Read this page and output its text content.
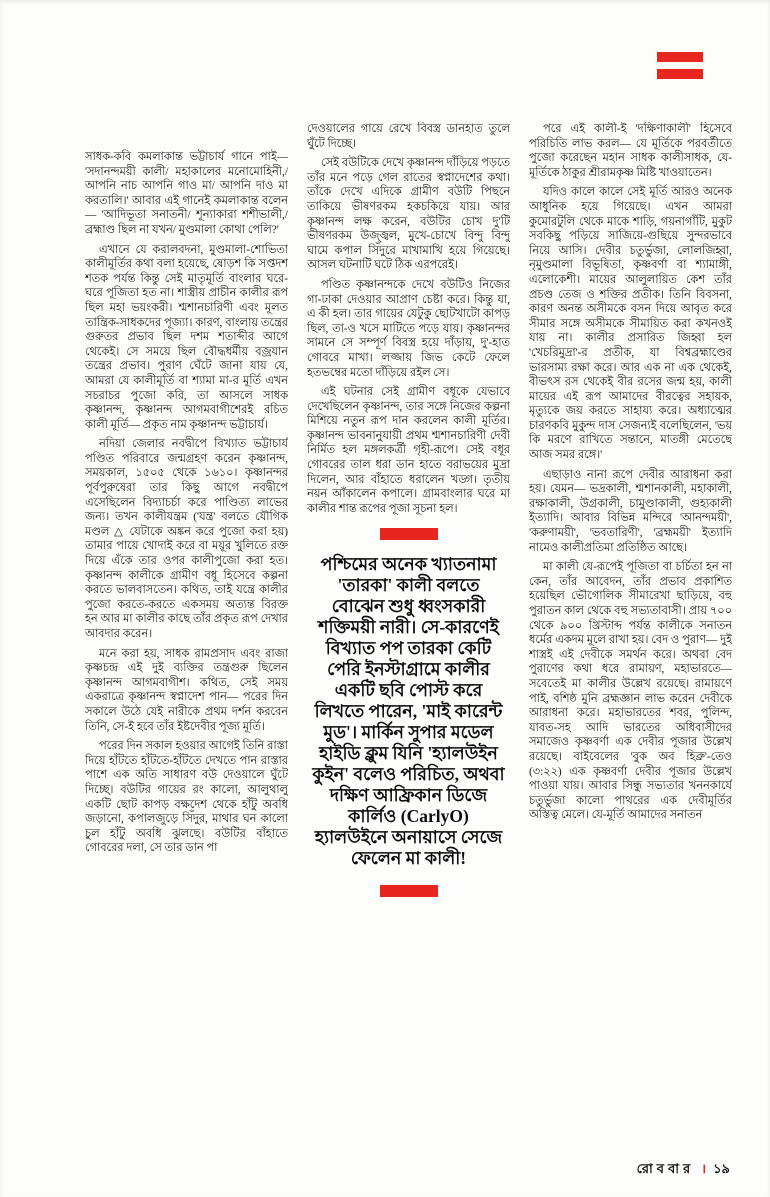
সাধক-কবি কমলাকান্ত ভট্টাচার্য গানে পাই— 'সদানন্দময়ী কালী/ মহাকালের মনোমোহিনী,/ আপনি নাচ আপনি গাও মা/ আপনি দাও মা করতালি।' আবার এই গানেই কমলাকান্ত বলেন— 'আদিভূতা সনাতনী/ শূন্যাকারা শশীভালী,/ ব্রহ্মাণ্ড ছিল না যখন/ মুণ্ডমালা কোথা পেলি?'

এখানে যে করালবদনা, মুণ্ডমালা-শোভিতা কালীমূর্তির কথা বলা হয়েছে, ষোড়শ কি সপ্তদশ শতক পর্যন্ত কিন্তু সেই মাতৃমূর্তি বাংলার ঘরে-ঘরে পূজিতা হত না। শাস্ত্রীয় প্রাচীন কালীর রূপ ছিল মহা ভয়ংকরী। শ্মশানচারিণী এবং মূলত তান্ত্রিক-সাধকদের পূজ্যা। কারণ, বাংলায় তন্ত্রের গুরুতর প্রভাব ছিল দশম শতাব্দীর আগে থেকেই। সে সময়ে ছিল বৌদ্ধধর্মীয় বজ্রযান তন্ত্রের প্রভাব। পুরাণ ঘেঁটে জানা যায় যে, আমরা যে কালীমূর্তি বা শ্যামা মা-র মূর্তি এখন সচরাচর পুজো করি, তা আসলে সাধক কৃষ্ণানন্দ, কৃষ্ণানন্দ আগমবাগীশেরই রচিত কালী মূর্তি— প্রকৃত নাম কৃষ্ণানন্দ ভট্টাচার্য।

নদিয়া জেলার নবদ্বীপে বিখ্যাত ভট্টাচার্য পণ্ডিত পরিবারে জন্মগ্রহণ করেন কৃষ্ণানন্দ, সময়কাল, ১৫০৫ থেকে ১৬১০। কৃষ্ণানন্দর পূর্বপুরুষেরা তার কিছু আগে নবদ্বীপে এসেছিলেন বিদ্যাচর্চা করে পাণ্ডিত্য লাভের জন্য। তখন কালীযন্ত্রম ('যন্ত্র' বলতে যৌগিক মণ্ডল △ যেটাকে অঙ্কন করে পুজো করা হয়) তামার পায়ে খোদাই করে বা ময়ূর খুলিতে রক্ত দিয়ে এঁকে তার ওপর কালীপুজো করা হত। কৃষ্ণানন্দ কালীকে গ্রামীণ বধূ হিসেবে কল্পনা করতে ভালবাসতেন। কথিত, তাই যন্ত্রে কালীর পুজো করতে-করতে একসময় অত্যন্ত বিরক্ত হন আর মা কালীর কাছে তাঁর প্রকৃত রূপ দেখার আবদার করেন।

মনে করা হয়, সাধক রামপ্রসাদ এবং রাজা কৃষ্ণচন্দ্র এই দুই ব্যক্তির তন্ত্রগুরু ছিলেন কৃষ্ণানন্দ আগমবাগীশ। কথিত, সেই সময় একরাত্রে কৃষ্ণানন্দ স্বপ্নাদেশ পান— পরের দিন সকালে উঠে যেই নারীকে প্রথম দর্শন করবেন তিনি, সে-ই হবে তাঁর ইষ্টদেবীর পূজ্য মূর্তি।

পরের দিন সকাল হওয়ার আগেই তিনি রাস্তা দিয়ে হাঁটতে হাঁটতে-হাঁটতে দেখতে পান রাস্তার পাশে এক অতি সাধারণ বউ দেওয়ালে ঘুঁটে দিচ্ছে। বউটির গায়ের রং কালো, আলুথালু একটি ছোট কাপড় বক্ষদেশ থেকে হাঁটু অবধি জড়ানো, কপালজুড়ে সিঁদুর, মাথার ঘন কালো চুল হাঁটু অবধি ঝুলছে। বউটির বাঁহাতে গোবরের দলা, সে তার ডান পা

দেওয়ালের গায়ে রেখে বিবস্ত্র ডানহাত তুলে ঘুঁটে দিচ্ছে।

সেই বউটিকে দেখে কৃষ্ণানন্দ দাঁড়িয়ে পড়তে তাঁর মনে পড়ে গেল রাতের স্বপ্নাদেশের কথা। তাঁকে দেখে এদিকে গ্রামীণ বউটি পিছনে তাকিয়ে ভীষণরকম হকচকিয়ে যায়। আর কৃষ্ণানন্দ লক্ষ করেন, বউটির চোখ দু'টি ভীষণরকম উজ্জ্বল, মুখে-চোখে বিন্দু বিন্দু ঘামে কপাল সিঁদুরে মাখামাখি হয়ে গিয়েছে। আসল ঘটনাটি ঘটে ঠিক এরপরেই।

পণ্ডিত কৃষ্ণানন্দকে দেখে বউটিও নিজের গা-ঢাকা দেওয়ার আপ্রাণ চেষ্টা করে। কিন্তু যা, এ কী হল। তার গায়ের যেটুকু ছোটখাটো কাপড় ছিল, তা-ও খসে মাটিতে পড়ে যায়। কৃষ্ণানন্দর সামনে সে সম্পূর্ণ বিবস্ত্র হয়ে দাঁড়ায়, দু'-হাত গোবরে মাখা। লজ্জায় জিভ কেটে ফেলে হতভম্বের মতো দাঁড়িয়ে রইল সে।

এই ঘটনার সেই গ্রামীণ বধূকে যেভাবে দেখেছিলেন কৃষ্ণানন্দ, তার সঙ্গে নিজের কল্পনা মিশিয়ে নতুন রূপ দান করলেন কালী মূর্তির। কৃষ্ণানন্দ ভাবনানুযায়ী প্রথম শ্মশানচারিণী দেবী নির্মিত হল মঙ্গলকর্ত্রী গৃহী-রূপে। সেই বধূর গোবরের তাল ধরা ডান হাতে বরাভয়ের মুদ্রা দিলেন, আর বাঁহাতে ধরালেন খড্গ। তৃতীয় নয়ন আঁকালেন কপালে। গ্রামবাংলার ঘরে মা কালীর শান্ত রূপের পূজা সূচনা হল।

পশ্চিমের অনেক খ্যাতনামা 'তারকা' কালী বলতে বোঝেন শুধু ধ্বংসকারী শক্তিময়ী নারী। সে-কারণেই বিখ্যাত পপ তারকা কেটি পেরি ইনস্টাগ্রামে কালীর একটি ছবি পোস্ট করে লিখতে পারেন, 'মাই কারেন্ট মুড'। মার্কিন সুপার মডেল হাইডি ক্লুম যিনি 'হ্যালউইন কুইন' বলেও পরিচিত, অথবা দক্ষিণ আফ্রিকান ডিজে কার্লিও (CarlyO) হ্যালউইনে অনায়াসে সেজে ফেলেন মা কালী!

পরে এই কালী-ই 'দক্ষিণাকালী' হিসেবে পরিচিতি লাভ করল— যে মূর্তিকে পরবর্তীতে পুজো করেছেন মহান সাধক কালীসাধক, যে-মূর্তিকে ঠাকুর শ্রীরামকৃষ্ণ মিষ্টি খাওয়াতেন।

যদিও কালে কালে সেই মূর্তি আরও অনেক আধুনিক হয়ে গিয়েছে। এখন আমরা কুমোরটুলি থেকে মাকে শাড়ি, গয়নাগাঁটি, মুকুট সবকিছু পড়িয়ে সাজিয়ে-গুছিয়ে সুন্দরভাবে নিয়ে আসি। দেবীর চতুর্ভুজা, লোলজিহ্বা, নৃমুণ্ডমালা বিভূষিতা, কৃষ্ণবর্ণা বা শ্যামাঙ্গী, এলোকেশী। মায়ের আলুলায়িত কেশ তাঁর প্রচণ্ড তেজ ও শক্তির প্রতীক। তিনি বিবসনা, কারণ অনন্ত অসীমকে বসন দিয়ে আবৃত করে সীমার সঙ্গে অসীমকে সীমায়িত করা কখনওই যায় না। কালীর প্রসারিত জিহ্বা হল 'খেচরিমুদ্রা'-র প্রতীক, যা বিশ্বব্রহ্মাণ্ডের ভারসাম্য রক্ষা করে। আর এক না এক থেকেই, বীভৎস রস থেকেই বীর রসের জন্ম হয়, কালী মায়ের এই রূপ আমাদের বীরত্বের সহায়ক, মৃত্যুকে জয় করতে সাহায্য করে। অধ্যাত্মের চারণকবি মুকুন্দ দাস সেজন্যই বলেছিলেন, 'ভয় কি মরণে রাখিতে সন্তানে, মাতঙ্গী মেতেছে আজ সমর রঙ্গে।'

এছাড়াও নানা রূপে দেবীর আরাধনা করা হয়। যেমন— ভদ্রকালী, শ্মশানকালী, মহাকালী, রক্ষাকালী, উগ্রকালী, চামুণ্ডাকালী, গুহ্যকালী ইত্যাদি। আবার বিভিন্ন মন্দিরে 'আনন্দময়ী', 'করুণাময়ী', 'ভবতারিণী', 'ব্রহ্মময়ী' ইত্যাদি নামেও কালীপ্রতিমা প্রতিষ্ঠিত আছে।

মা কালী যে-রূপেই পূজিতা বা চর্চিতা হন না কেন, তাঁর আবেদন, তাঁর প্রভাব প্রকাশিত হয়েছিল ভৌগোলিক সীমারেখা ছাড়িয়ে, বহু পুরাতন কাল থেকে বহু সভ্যতাবাসী। প্রায় ৭০০ থেকে ৯০০ খ্রিস্টাব্দ পর্যন্ত কালীকে সনাতন ধর্মের একদম মূলে রাখা হয়। বেদ ও পুরাণ— দুই শাস্ত্রই এই দেবীকে সমর্থন করে। অথবা বেদ পুরাণের কথা ধরে রামায়ণ, মহাভারতে— সবেতেই মা কালীর উল্লেখ রয়েছে। রামায়ণে পাই, বশিষ্ঠ মুনি ব্রহ্মজ্ঞান লাভ করেন দেবীকে আরাধনা করে। মহাভারতের শবর, পুলিন্দ, যাবত-সহ আদি ভারতের অধিবাসীদের সমাজেও কৃষ্ণবর্ণা এক দেবীর পূজার উল্লেখ রয়েছে। বাইবেলের 'বুক অব হিব্রু'-তেও (৩:২২) এক কৃষ্ণবর্ণা দেবীর পূজার উল্লেখ পাওয়া যায়। আবার সিন্ধু সভ্যতার খননকার্যে চতুর্ভুজা কালো পাথরের এক দেবীমূর্তির অস্তিত্ব মেলে। যে-মূর্তি আমাদের সনাতন

রোববার । ১৯
